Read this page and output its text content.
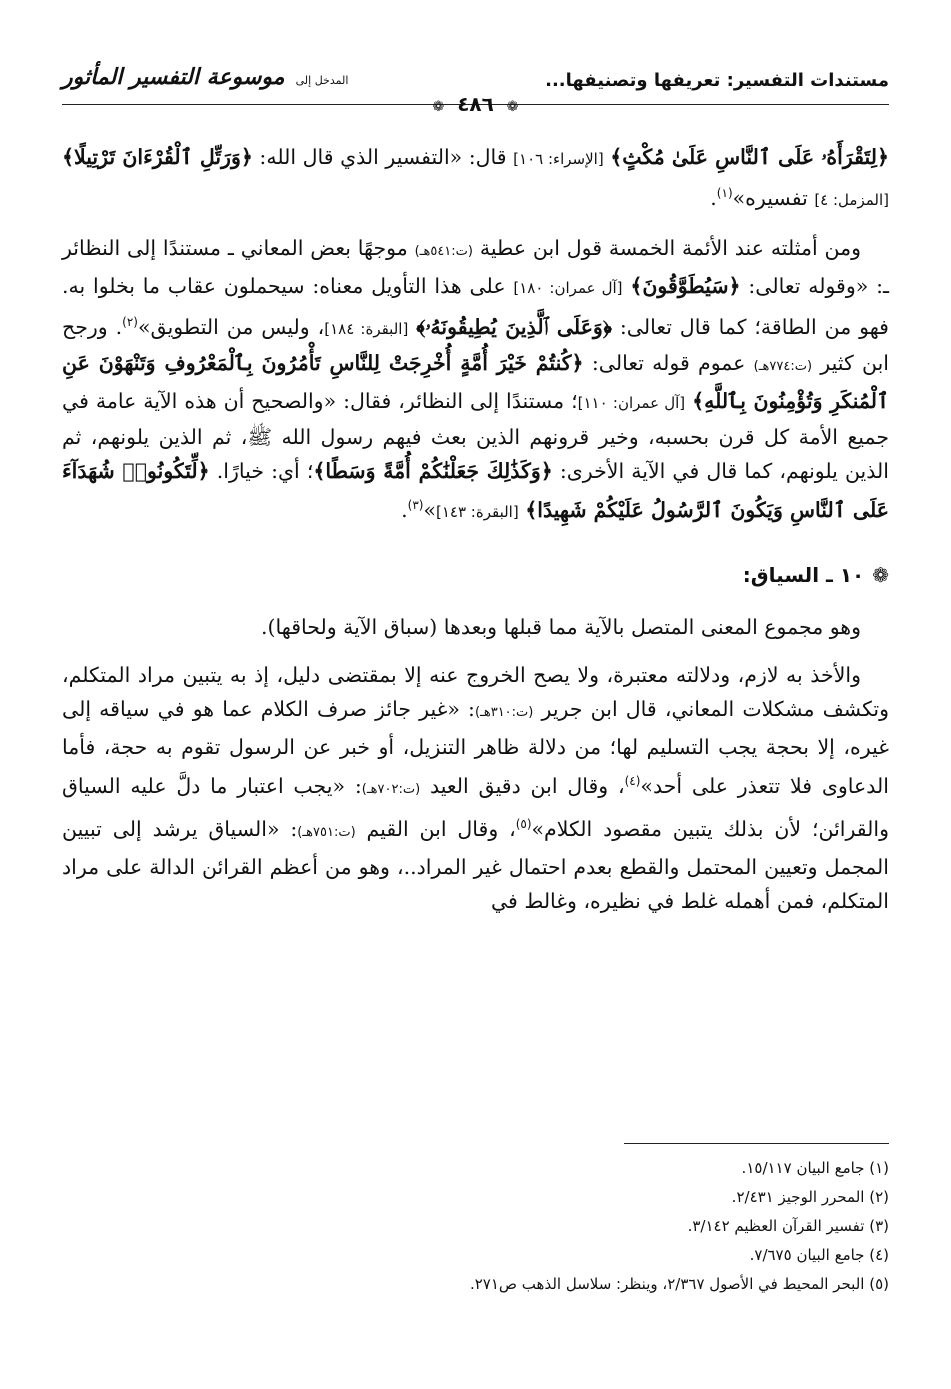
مستندات التفسير: تعريفها وتصنيفها...
المدخل إلى موسوعة التفسير المأثور
❁ ٤٨٦ ❁

﴿لِتَقْرَأَهُۥ عَلَى ٱلنَّاسِ عَلَىٰ مُكْثٍ﴾ [الإسراء: ١٠٦] قال: «التفسير الذي قال الله: ﴿وَرَتِّلِ ٱلْقُرْءَانَ تَرْتِيلًا﴾ [المزمل: ٤] تفسيره»$^{(١)}$.

ومن أمثلته عند الأئمة الخمسة قول ابن عطية (ت:٥٤١هـ) موجهًا بعض المعاني ـ مستندًا إلى النظائر ـ: «وقوله تعالى: ﴿سَيُطَوَّقُونَ﴾ [آل عمران: ١٨٠] على هذا التأويل معناه: سيحملون عقاب ما بخلوا به. فهو من الطاقة؛ كما قال تعالى: ﴿وَعَلَى ٱلَّذِينَ يُطِيقُونَهُۥ﴾ [البقرة: ١٨٤]، وليس من التطويق»$^{(٢)}$. ورجح ابن كثير (ت:٧٧٤هـ) عموم قوله تعالى: ﴿كُنتُمْ خَيْرَ أُمَّةٍ أُخْرِجَتْ لِلنَّاسِ تَأْمُرُونَ بِٱلْمَعْرُوفِ وَتَنْهَوْنَ عَنِ ٱلْمُنكَرِ وَتُؤْمِنُونَ بِٱللَّهِ﴾ [آل عمران: ١١٠]؛ مستندًا إلى النظائر، فقال: «والصحيح أن هذه الآية عامة في جميع الأمة كل قرن بحسبه، وخير قرونهم الذين بعث فيهم رسول الله ﷺ، ثم الذين يلونهم، ثم الذين يلونهم، كما قال في الآية الأخرى: ﴿وَكَذَٰلِكَ جَعَلْنَٰكُمْ أُمَّةً وَسَطًا﴾؛ أي: خيارًا. ﴿لِّتَكُونُوا۟ شُهَدَآءَ عَلَى ٱلنَّاسِ وَيَكُونَ ٱلرَّسُولُ عَلَيْكُمْ شَهِيدًا﴾ [البقرة: ١٤٣]»$^{(٣)}$.

❁١٠ ـ السياق:

وهو مجموع المعنى المتصل بالآية مما قبلها وبعدها (سباق الآية ولحاقها).

والأخذ به لازم، ودلالته معتبرة، ولا يصح الخروج عنه إلا بمقتضى دليل، إذ به يتبين مراد المتكلم، وتكشف مشكلات المعاني، قال ابن جرير (ت:٣١٠هـ): «غير جائز صرف الكلام عما هو في سياقه إلى غيره، إلا بحجة يجب التسليم لها؛ من دلالة ظاهر التنزيل، أو خبر عن الرسول تقوم به حجة، فأما الدعاوى فلا تتعذر على أحد»$^{(٤)}$، وقال ابن دقيق العيد (ت:٧٠٢هـ): «يجب اعتبار ما دلَّ عليه السياق والقرائن؛ لأن بذلك يتبين مقصود الكلام»$^{(٥)}$، وقال ابن القيم (ت:٧٥١هـ): «السياق يرشد إلى تبيين المجمل وتعيين المحتمل والقطع بعدم احتمال غير المراد..، وهو من أعظم القرائن الدالة على مراد المتكلم، فمن أهمله غلط في نظيره، وغالط في

(١) جامع البيان ١٥/١١٧.
(٢) المحرر الوجيز ٢/٤٣١.
(٣) تفسير القرآن العظيم ٣/١٤٢.
(٤) جامع البيان ٧/٦٧٥.
(٥) البحر المحيط في الأصول ٢/٣٦٧، وينظر: سلاسل الذهب ص٢٧١.
